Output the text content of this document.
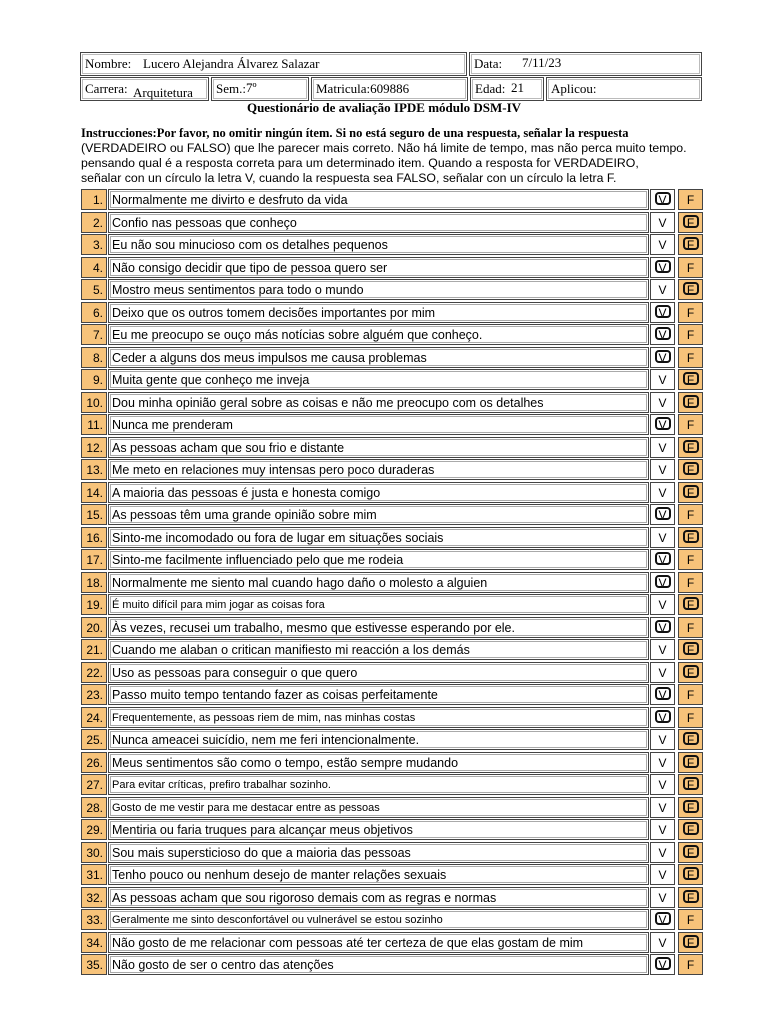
Nombre: Lucero Alejandra Álvarez Salazar	Data: 7/11/23
Carrera: Arquitetura	Sem.: 7º	Matricula:609886	Edad: 21	Aplicou:
Questionário de avaliação IPDE módulo DSM-IV
Instrucciones:Por favor, no omitir ningún ítem. Si no está seguro de una respuesta, señalar la respuesta
(VERDADEIRO ou FALSO) que lhe parecer mais correto. Não há limite de tempo, mas não perca muito tempo.
pensando qual é a resposta correta para um determinado item. Quando a resposta for VERDADEIRO,
señalar con un círculo la letra V, cuando la respuesta sea FALSO, señalar con un círculo la letra F.
1. Normalmente me divirto e desfruto da vida	V	F
2. Confio nas pessoas que conheço	V	F
3. Eu não sou minucioso com os detalhes pequenos	V	F
4. Não consigo decidir que tipo de pessoa quero ser	V	F
5. Mostro meus sentimentos para todo o mundo	V	F
6. Deixo que os outros tomem decisões importantes por mim	V	F
7. Eu me preocupo se ouço más notícias sobre alguém que conheço.	V	F
8. Ceder a alguns dos meus impulsos me causa problemas	V	F
9. Muita gente que conheço me inveja	V	F
10. Dou minha opinião geral sobre as coisas e não me preocupo com os detalhes	V	F
11. Nunca me prenderam	V	F
12. As pessoas acham que sou frio e distante	V	F
13. Me meto en relaciones muy intensas pero poco duraderas	V	F
14. A maioria das pessoas é justa e honesta comigo	V	F
15. As pessoas têm uma grande opinião sobre mim	V	F
16. Sinto-me incomodado ou fora de lugar em situações sociais	V	F
17. Sinto-me facilmente influenciado pelo que me rodeia	V	F
18. Normalmente me siento mal cuando hago daño o molesto a alguien	V	F
19. É muito difícil para mim jogar as coisas fora	V	F
20. Às vezes, recusei um trabalho, mesmo que estivesse esperando por ele.	V	F
21. Cuando me alaban o critican manifiesto mi reacción a los demás	V	F
22. Uso as pessoas para conseguir o que quero	V	F
23. Passo muito tempo tentando fazer as coisas perfeitamente	V	F
24. Frequentemente, as pessoas riem de mim, nas minhas costas	V	F
25. Nunca ameacei suicídio, nem me feri intencionalmente.	V	F
26. Meus sentimentos são como o tempo, estão sempre mudando	V	F
27. Para evitar críticas, prefiro trabalhar sozinho.	V	F
28. Gosto de me vestir para me destacar entre as pessoas	V	F
29. Mentiria ou faria truques para alcançar meus objetivos	V	F
30. Sou mais supersticioso do que a maioria das pessoas	V	F
31. Tenho pouco ou nenhum desejo de manter relações sexuais	V	F
32. As pessoas acham que sou rigoroso demais com as regras e normas	V	F
33. Geralmente me sinto desconfortável ou vulnerável se estou sozinho	V	F
34. Não gosto de me relacionar com pessoas até ter certeza de que elas gostam de mim	V	F
35. Não gosto de ser o centro das atenções	V	F
